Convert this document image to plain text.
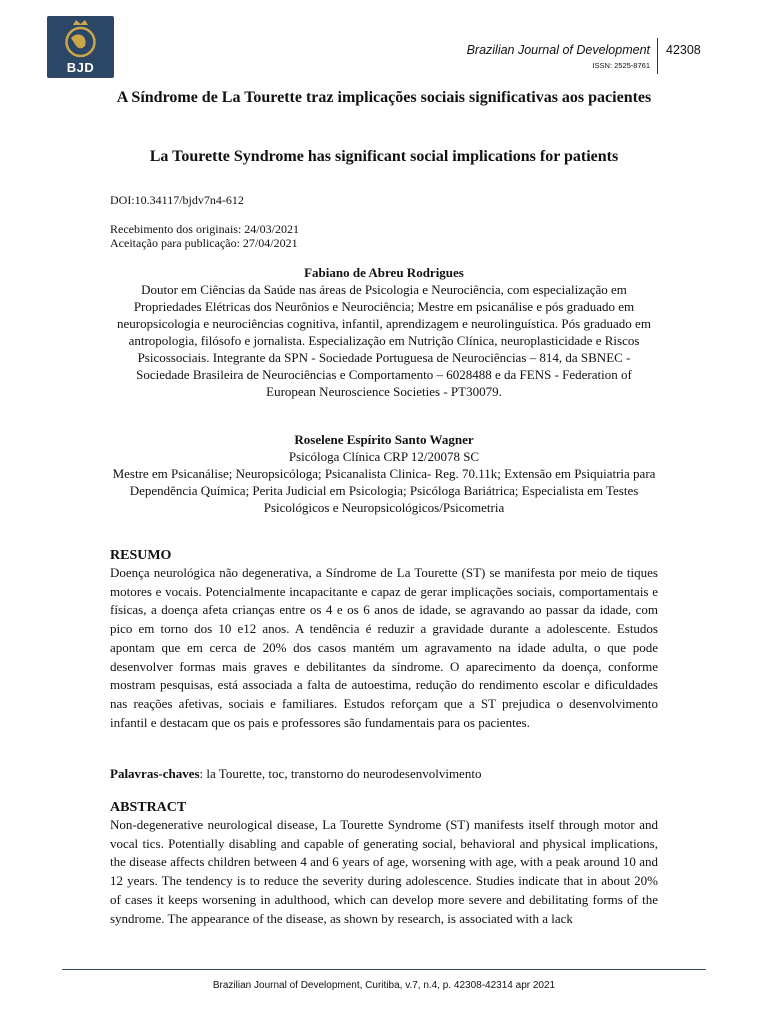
BJD
Brazilian Journal of Development
ISSN: 2525-8761
42308
A Síndrome de La Tourette traz implicações sociais significativas aos pacientes
La Tourette Syndrome has significant social implications for patients
DOI:10.34117/bjdv7n4-612
Recebimento dos originais: 24/03/2021
Aceitação para publicação: 27/04/2021
Fabiano de Abreu Rodrigues
Doutor em Ciências da Saúde nas áreas de Psicologia e Neurociência, com especialização em Propriedades Elétricas dos Neurônios e Neurociência; Mestre em psicanálise e pós graduado em neuropsicologia e neurociências cognitiva, infantil, aprendizagem e neurolinguística. Pós graduado em antropologia, filósofo e jornalista. Especialização em Nutrição Clínica, neuroplasticidade e Riscos Psicossociais. Integrante da SPN - Sociedade Portuguesa de Neurociências – 814, da SBNEC - Sociedade Brasileira de Neurociências e Comportamento – 6028488 e da FENS - Federation of European Neuroscience Societies - PT30079.
Roselene Espírito Santo Wagner
Psicóloga Clínica CRP 12/20078 SC
Mestre em Psicanálise; Neuropsicóloga; Psicanalista Clinica- Reg. 70.11k; Extensão em Psiquiatria para Dependência Química; Perita Judicial em Psicologia; Psicóloga Bariátrica; Especialista em Testes Psicológicos e Neuropsicológicos/Psicometria
RESUMO
Doença neurológica não degenerativa, a Síndrome de La Tourette (ST) se manifesta por meio de tiques motores e vocais. Potencialmente incapacitante e capaz de gerar implicações sociais, comportamentais e físicas, a doença afeta crianças entre os 4 e os 6 anos de idade, se agravando ao passar da idade, com pico em torno dos 10 e12 anos. A tendência é reduzir a gravidade durante a adolescente. Estudos apontam que em cerca de 20% dos casos mantém um agravamento na idade adulta, o que pode desenvolver formas mais graves e debilitantes da síndrome. O aparecimento da doença, conforme mostram pesquisas, está associada a falta de autoestima, redução do rendimento escolar e dificuldades nas reações afetivas, sociais e familiares. Estudos reforçam que a ST prejudica o desenvolvimento infantil e destacam que os pais e professores são fundamentais para os pacientes.
Palavras-chaves: la Tourette, toc, transtorno do neurodesenvolvimento
ABSTRACT
Non-degenerative neurological disease, La Tourette Syndrome (ST) manifests itself through motor and vocal tics. Potentially disabling and capable of generating social, behavioral and physical implications, the disease affects children between 4 and 6 years of age, worsening with age, with a peak around 10 and 12 years. The tendency is to reduce the severity during adolescence. Studies indicate that in about 20% of cases it keeps worsening in adulthood, which can develop more severe and debilitating forms of the syndrome. The appearance of the disease, as shown by research, is associated with a lack
Brazilian Journal of Development, Curitiba, v.7, n.4, p. 42308-42314 apr 2021
